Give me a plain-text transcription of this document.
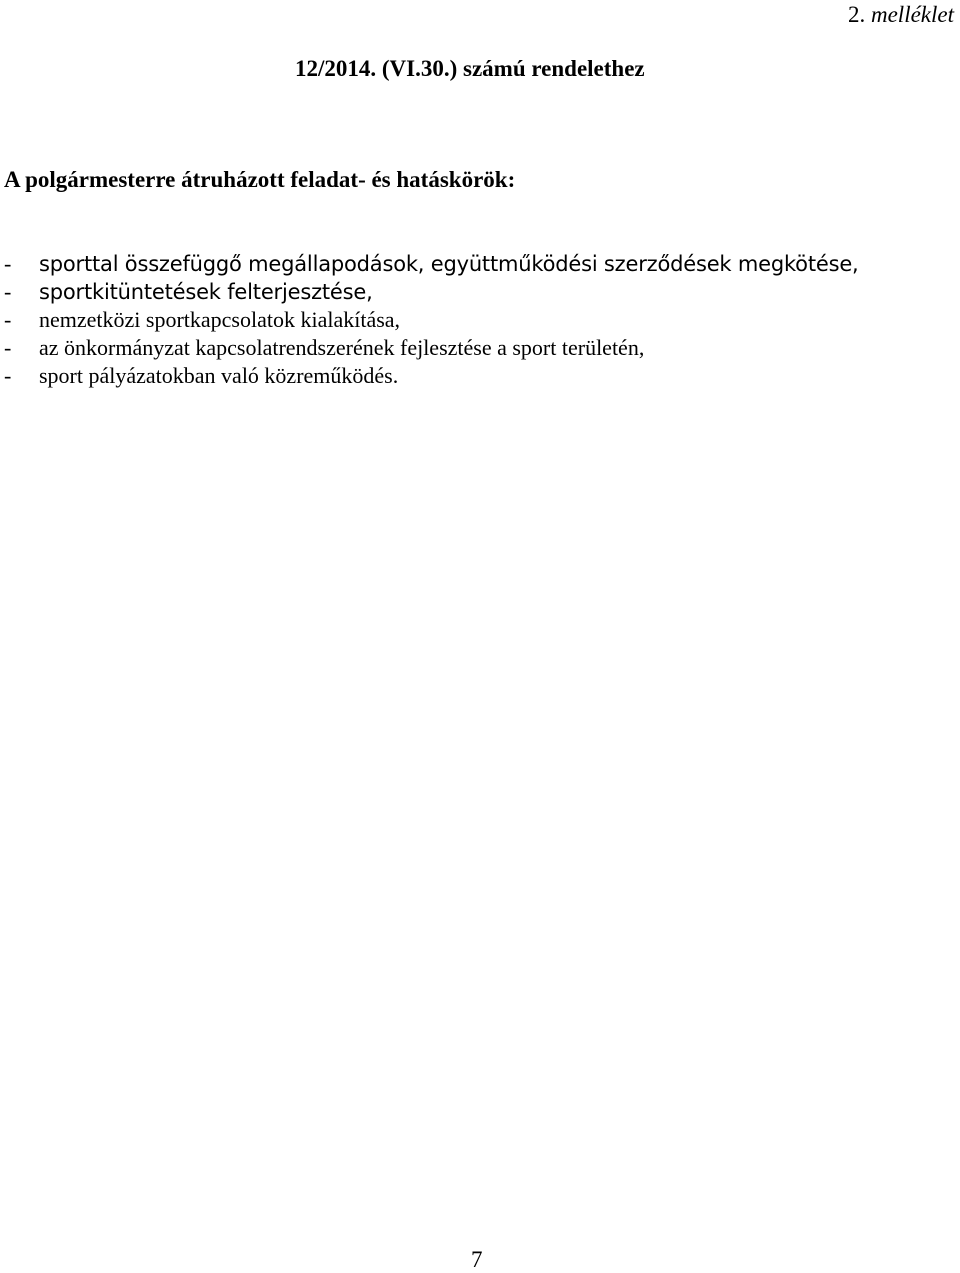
2. melléklet
12/2014. (VI.30.) számú rendelethez
A polgármesterre átruházott feladat- és hatáskörök:
- sporttal összefüggő megállapodások, együttműködési szerződések megkötése,
- sportkitüntetések felterjesztése,
- nemzetközi sportkapcsolatok kialakítása,
- az önkormányzat kapcsolatrendszerének fejlesztése a sport területén,
- sport pályázatokban való közreműködés.
7
